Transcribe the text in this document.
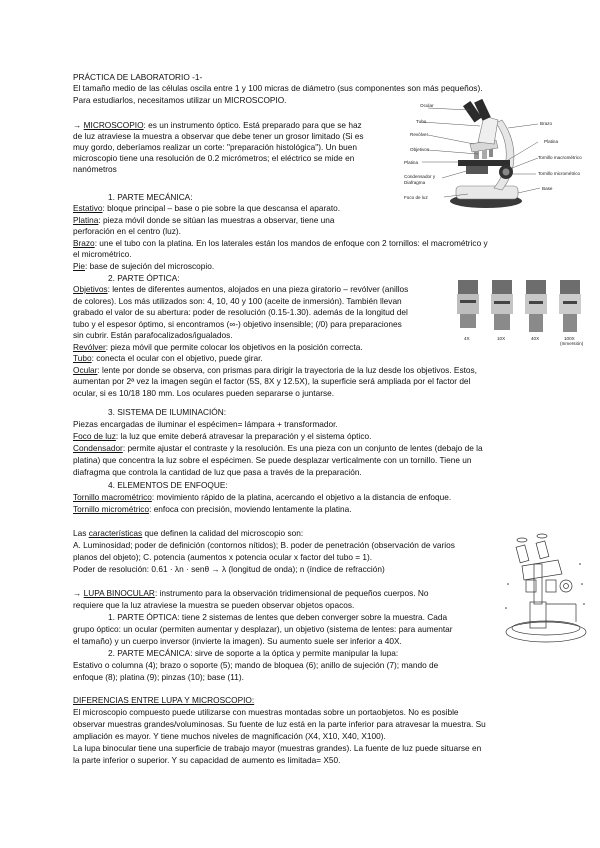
PRÁCTICA DE LABORATORIO -1-
El tamaño medio de las células oscila entre 1 y 100 micras de diámetro (sus componentes son más pequeños).
Para estudiarlos, necesitamos utilizar un MICROSCOPIO.
→ MICROSCOPIO: es un instrumento óptico. Está preparado para que se haz
de luz atraviese la muestra a observar que debe tener un grosor limitado (Si es
muy gordo, deberíamos realizar un corte: "preparación histológica"). Un buen
microscopio tiene una resolución de 0.2 micrómetros; el eléctrico se mide en
nanómetros
Ocular
Tubo
Revólver
Objetivos
Platina
Condensador y
Diafragma
Foco de luz
Brazo
Platina
Tornillo macrométrico
Tornillo micrométrico
Base
1. PARTE MECÁNICA:
Estativo: bloque principal – base o pie sobre la que descansa el aparato.
Platina: pieza móvil donde se sitúan las muestras a observar, tiene una
perforación en el centro (luz).
Brazo: une el tubo con la platina. En los laterales están los mandos de enfoque con 2 tornillos: el macrométrico y
el micrométrico.
Pie: base de sujeción del microscopio.
2. PARTE ÓPTICA:
Objetivos: lentes de diferentes aumentos, alojados en una pieza giratorio – revólver (anillos
de colores). Los más utilizados son: 4, 10, 40 y 100 (aceite de inmersión). También llevan
grabado el valor de su abertura: poder de resolución (0.15-1.30). además de la longitud del
tubo y el espesor óptimo, si encontramos (∞-) objetivo insensible; (/0) para preparaciones
sin cubrir. Están parafocalizados/igualados.
Revólver: pieza móvil que permite colocar los objetivos en la posición correcta.
Tubo: conecta el ocular con el objetivo, puede girar.
Ocular: lente por donde se observa, con prismas para dirigir la trayectoria de la luz desde los objetivos. Estos,
aumentan por 2ª vez la imagen según el factor (5S, 8X y 12.5X), la superficie será ampliada por el factor del
ocular, si es 10/18 180 mm. Los oculares pueden separarse o juntarse.
4X	10X	40X	100X
(Inmersión)
3. SISTEMA DE ILUMINACIÓN:
Piezas encargadas de iluminar el espécimen= lámpara + transformador.
Foco de luz: la luz que emite deberá atravesar la preparación y el sistema óptico.
Condensador: permite ajustar el contraste y la resolución. Es una pieza con un conjunto de lentes (debajo de la
platina) que concentra la luz sobre el espécimen. Se puede desplazar verticalmente con un tornillo. Tiene un
diafragma que controla la cantidad de luz que pasa a través de la preparación.
4. ELEMENTOS DE ENFOQUE:
Tornillo macrométrico: movimiento rápido de la platina, acercando el objetivo a la distancia de enfoque.
Tornillo micrométrico: enfoca con precisión, moviendo lentamente la platina.
Las características que definen la calidad del microscopio son:
A. Luminosidad; poder de definición (contornos nítidos); B. poder de penetración (observación de varios
planos del objeto); C. potencia (aumentos x potencia ocular x factor del tubo = 1).
Poder de resolución: 0.61 · λn · senθ → λ (longitud de onda); n (índice de refracción)
→ LUPA BINOCULAR: instrumento para la observación tridimensional de pequeños cuerpos. No
requiere que la luz atraviese la muestra se pueden observar objetos opacos.
1. PARTE ÓPTICA: tiene 2 sistemas de lentes que deben converger sobre la muestra. Cada
grupo óptico: un ocular (permiten aumentar y desplazar), un objetivo (sistema de lentes: para aumentar
el tamaño) y un cuerpo inversor (invierte la imagen). Su aumento suele ser inferior a 40X.
2. PARTE MECÁNICA: sirve de soporte a la óptica y permite manipular la lupa:
Estativo o columna (4); brazo o soporte (5); mando de bloquea (6); anillo de sujeción (7); mando de
enfoque (8); platina (9); pinzas (10); base (11).
DIFERENCIAS ENTRE LUPA Y MICROSCOPIO:
El microscopio compuesto puede utilizarse con muestras montadas sobre un portaobjetos. No es posible
observar muestras grandes/voluminosas. Su fuente de luz está en la parte inferior para atravesar la muestra. Su
ampliación es mayor. Y tiene muchos niveles de magnificación (X4, X10, X40, X100).
La lupa binocular tiene una superficie de trabajo mayor (muestras grandes). La fuente de luz puede situarse en
la parte inferior o superior. Y su capacidad de aumento es limitada= X50.
